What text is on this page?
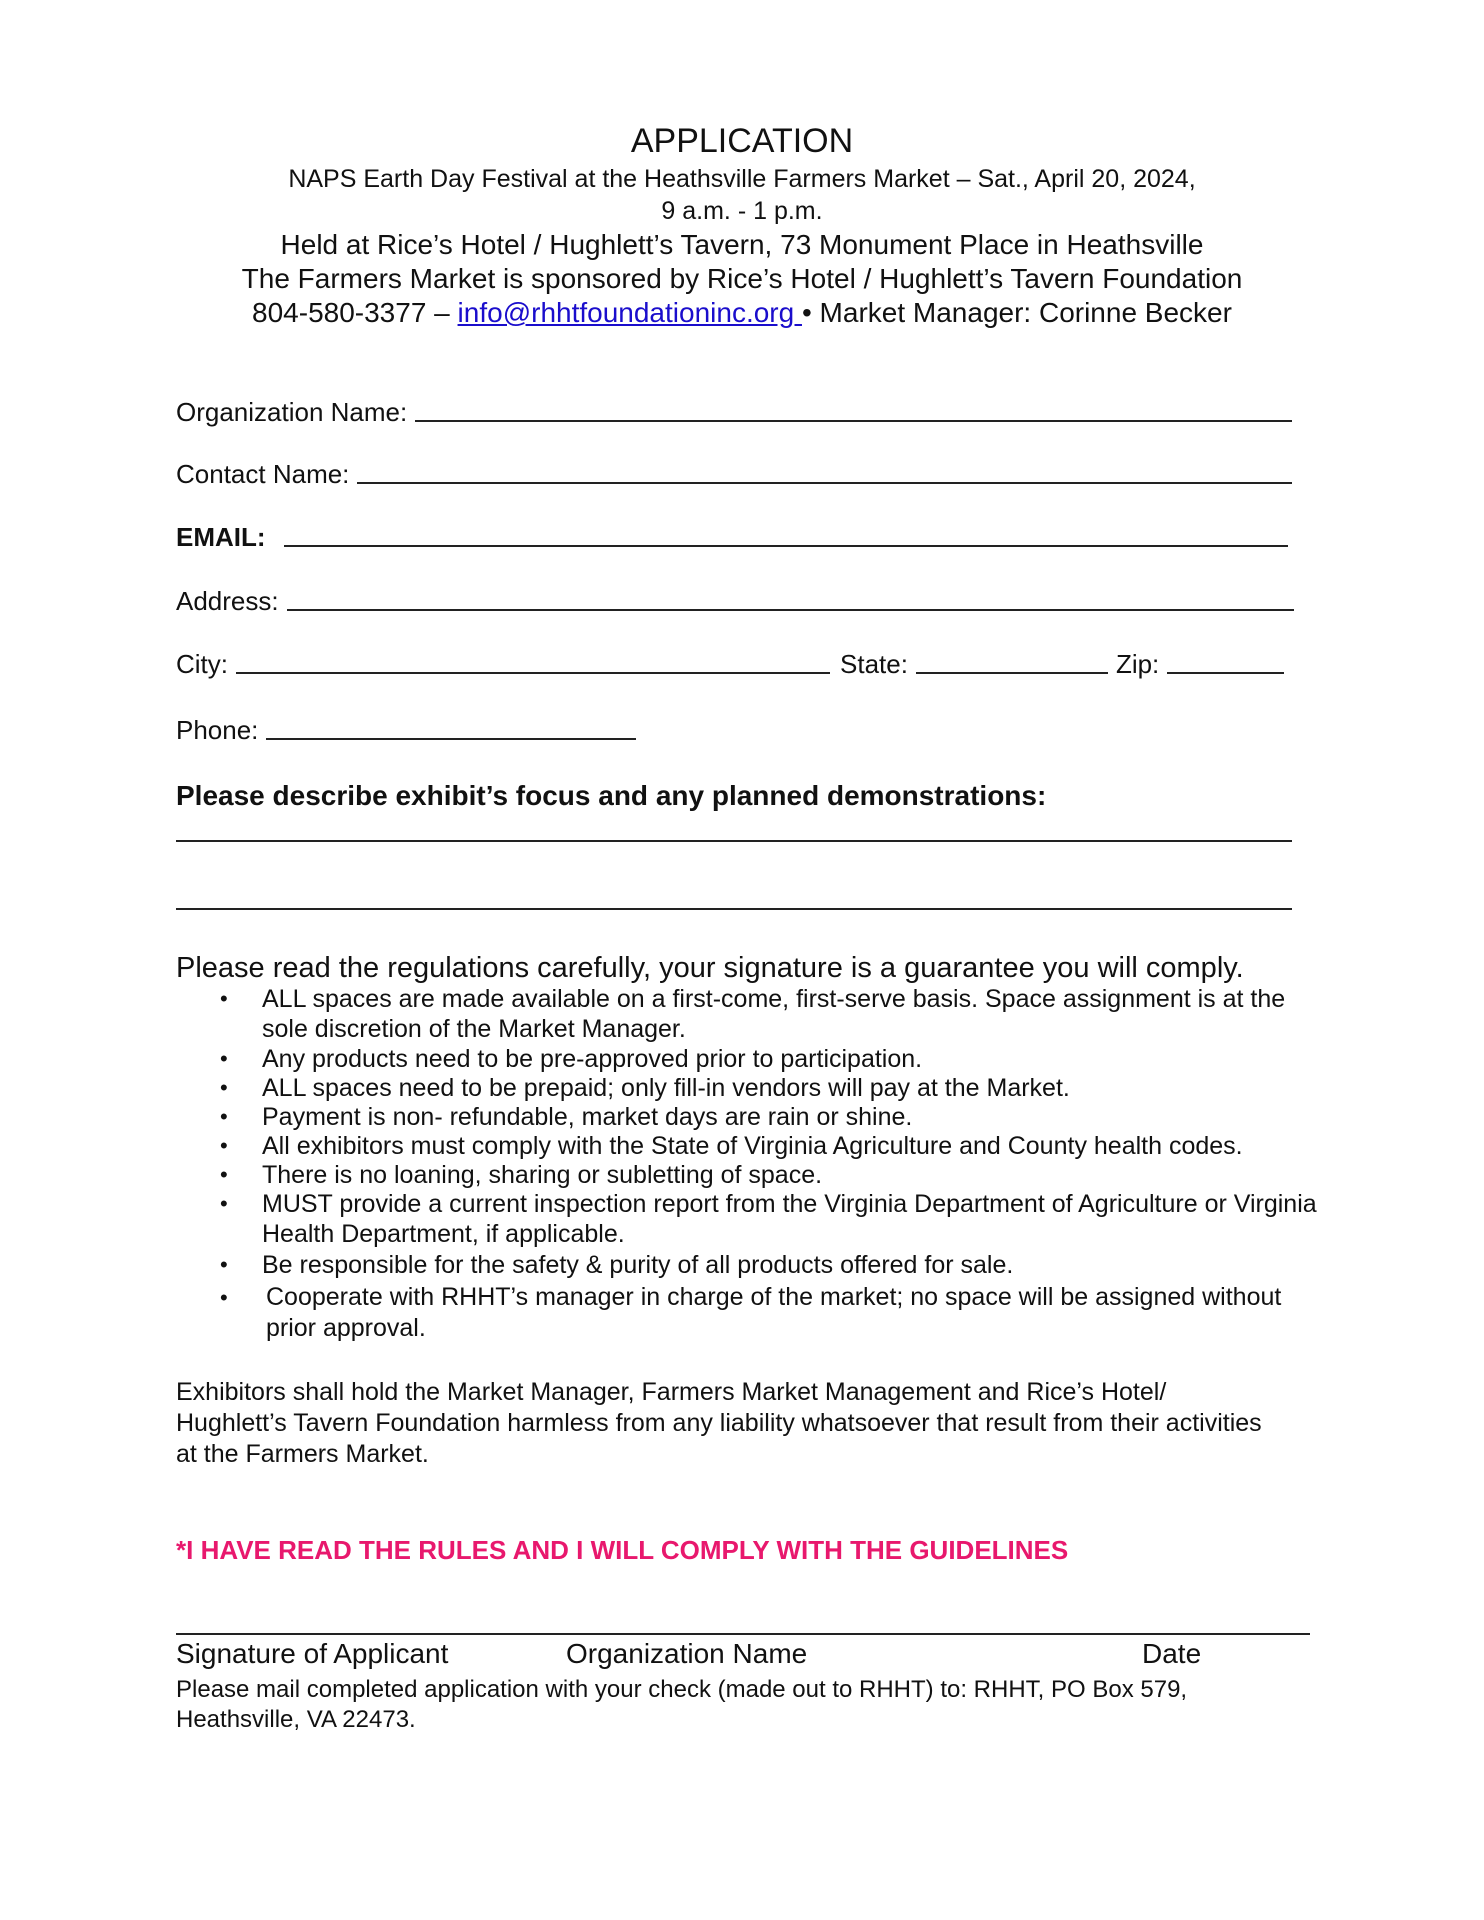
APPLICATION
NAPS Earth Day Festival at the Heathsville Farmers Market – Sat., April 20, 2024,
9 a.m. - 1 p.m.
Held at Rice’s Hotel / Hughlett’s Tavern, 73 Monument Place in Heathsville
The Farmers Market is sponsored by Rice’s Hotel / Hughlett’s Tavern Foundation
804-580-3377 – info@rhhtfoundationinc.org • Market Manager: Corinne Becker
Organization Name:
Contact Name:
EMAIL:
Address:
City:	State:	Zip:
Phone:
Please describe exhibit’s focus and any planned demonstrations:
Please read the regulations carefully, your signature is a guarantee you will comply.
• ALL spaces are made available on a first-come, first-serve basis. Space assignment is at the sole discretion of the Market Manager.
• Any products need to be pre-approved prior to participation.
• ALL spaces need to be prepaid; only fill-in vendors will pay at the Market.
• Payment is non- refundable, market days are rain or shine.
• All exhibitors must comply with the State of Virginia Agriculture and County health codes.
• There is no loaning, sharing or subletting of space.
• MUST provide a current inspection report from the Virginia Department of Agriculture or Virginia Health Department, if applicable.
• Be responsible for the safety & purity of all products offered for sale.
• Cooperate with RHHT’s manager in charge of the market; no space will be assigned without prior approval.
Exhibitors shall hold the Market Manager, Farmers Market Management and Rice’s Hotel/ Hughlett’s Tavern Foundation harmless from any liability whatsoever that result from their activities at the Farmers Market.
*I HAVE READ THE RULES AND I WILL COMPLY WITH THE GUIDELINES
Signature of Applicant	Organization Name	Date
Please mail completed application with your check (made out to RHHT) to: RHHT, PO Box 579, Heathsville, VA 22473.
